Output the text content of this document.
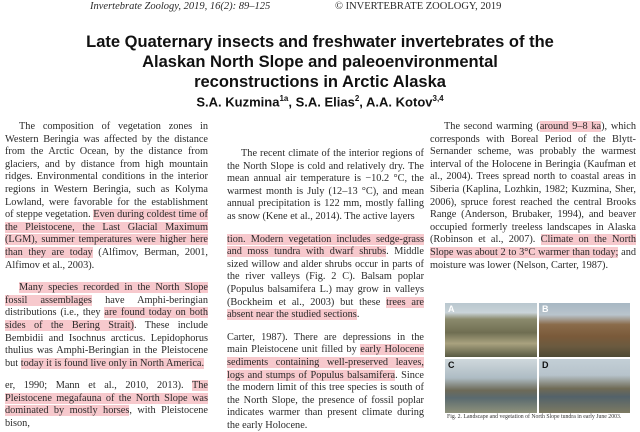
Invertebrate Zoology, 2019, 16(2): 89–125	© INVERTEBRATE ZOOLOGY, 2019
Late Quaternary insects and freshwater invertebrates of the Alaskan North Slope and paleoenvironmental reconstructions in Arctic Alaska
S.A. Kuzmina$^{1a}$, S.A. Elias$^2$, A.A. Kotov$^{3,4}$

The composition of vegetation zones in Western Beringia was affected by the distance from the Arctic Ocean, by the distance from glaciers, and by distance from high mountain ridges. Environmental conditions in the interior regions in Western Beringia, such as Kolyma Lowland, were favorable for the establishment of steppe vegetation. Even during coldest time of the Pleistocene, the Last Glacial Maximum (LGM), summer temperatures were higher here than they are today (Alfimov, Berman, 2001, Alfimov et al., 2003).

Many species recorded in the North Slope fossil assemblages have Amphi-beringian distributions (i.e., they are found today on both sides of the Bering Strait). These include Bembidii and Isochnus arcticus. Lepidophorus thulius was Amphi-Beringian in the Pleistocene but today it is found live only in North America.

er, 1990; Mann et al., 2010, 2013). The Pleistocene megafauna of the North Slope was dominated by mostly horses, with Pleistocene bison,

The recent climate of the interior regions of the North Slope is cold and relatively dry. The mean annual air temperature is −10.2 °C, the warmest month is July (12–13 °C), and mean annual precipitation is 122 mm, mostly falling as snow (Kene et al., 2014). The active layers

tion. Modern vegetation includes sedge-grass and moss tundra with dwarf shrubs. Middle sized willow and alder shrubs occur in parts of the river valleys (Fig. 2 C). Balsam poplar (Populus balsamifera L.) may grow in valleys (Bockheim et al., 2003) but these trees are absent near the studied sections.

Carter, 1987). There are depressions in the main Pleistocene unit filled by early Holocene sediments containing well-preserved leaves, logs and stumps of Populus balsamifera. Since the modern limit of this tree species is south of the North Slope, the presence of fossil poplar indicates warmer than present climate during the early Holocene.

The second warming (around 9–8 ka), which corresponds with Boreal Period of the Blytt-Sernander scheme, was probably the warmest interval of the Holocene in Beringia (Kaufman et al., 2004). Trees spread north to coastal areas in Siberia (Kaplina, Lozhkin, 1982; Kuzmina, Sher, 2006), spruce forest reached the central Brooks Range (Anderson, Brubaker, 1994), and beaver occupied formerly treeless landscapes in Alaska (Robinson et al., 2007). Climate on the North Slope was about 2 to 3°C warmer than today; and moisture was lower (Nelson, Carter, 1987).

A	B
C	D
Fig. 2. Landscape and vegetation of North Slope tundra in early June 2003.
